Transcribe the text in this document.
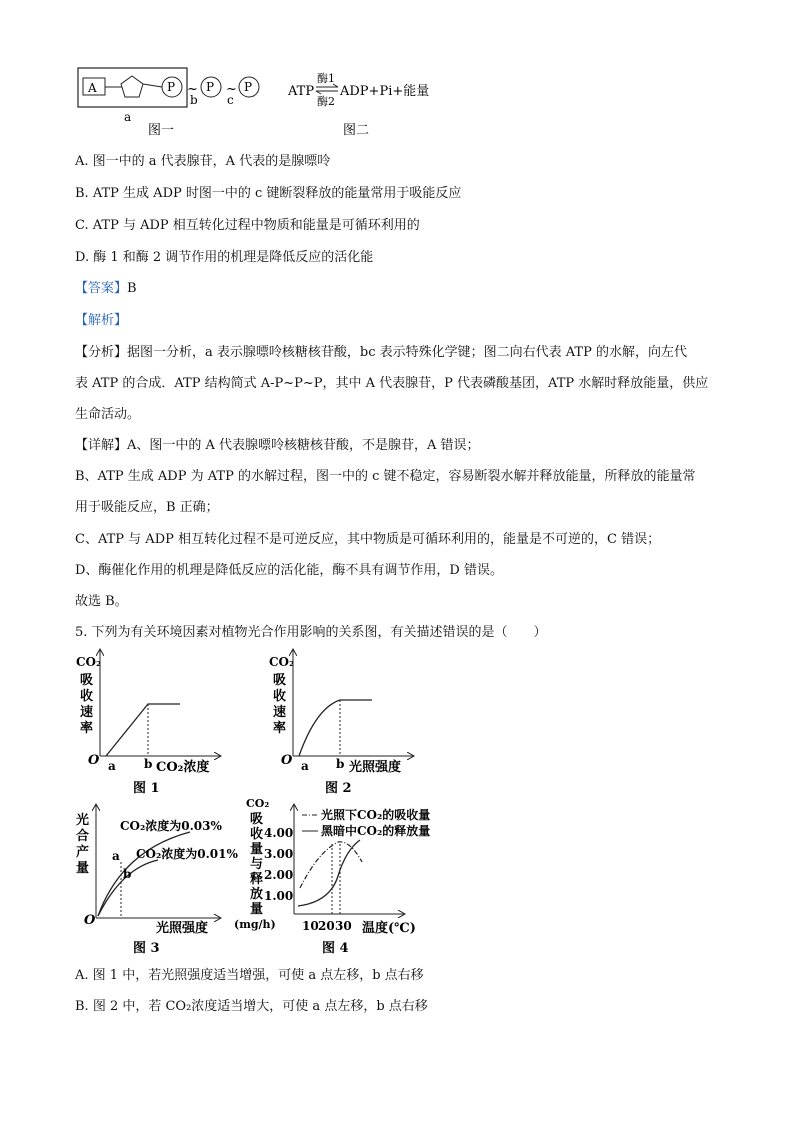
A	P ~
b
P ~
c
P
a
图一
ATP
酶1
酶2
ADP+Pi+能量
图二
A. 图一中的 a 代表腺苷，A 代表的是腺嘌呤
B. ATP 生成 ADP 时图一中的 c 键断裂释放的能量常用于吸能反应
C. ATP 与 ADP 相互转化过程中物质和能量是可循环利用的
D. 酶 1 和酶 2 调节作用的机理是降低反应的活化能
【答案】B
【解析】
【分析】据图一分析，a 表示腺嘌呤核糖核苷酸，bc 表示特殊化学键；图二向右代表 ATP 的水解，向左代
表 ATP 的合成．ATP 结构简式 A-P~P~P，其中 A 代表腺苷，P 代表磷酸基团，ATP 水解时释放能量，供应
生命活动。
【详解】A、图一中的 A 代表腺嘌呤核糖核苷酸，不是腺苷，A 错误；
B、ATP 生成 ADP 为 ATP 的水解过程，图一中的 c 键不稳定，容易断裂水解并释放能量，所释放的能量常
用于吸能反应，B 正确；
C、ATP 与 ADP 相互转化过程不是可逆反应，其中物质是可循环利用的，能量是不可逆的，C 错误；
D、酶催化作用的机理是降低反应的活化能，酶不具有调节作用，D 错误。
故选 B。
5. 下列为有关环境因素对植物光合作用影响的关系图，有关描述错误的是（　　）
CO₂
吸
收
速
率
O a b CO₂浓度
图 1
CO₂
吸
收
速
率
O a b 光照强度
图 2
光
合
产
量
CO₂浓度为0.03%
CO₂浓度为0.01%
a
b
O
光照强度
图 3
CO₂
吸
收
量
与
释
放
量
(mg/h)
4.00
3.00
2.00
1.00
光照下CO₂的吸收量
黑暗中CO₂的释放量
10 20 30 温度(℃)
图 4
A. 图 1 中，若光照强度适当增强，可使 a 点左移，b 点右移
B. 图 2 中，若 CO₂浓度适当增大，可使 a 点左移，b 点右移
